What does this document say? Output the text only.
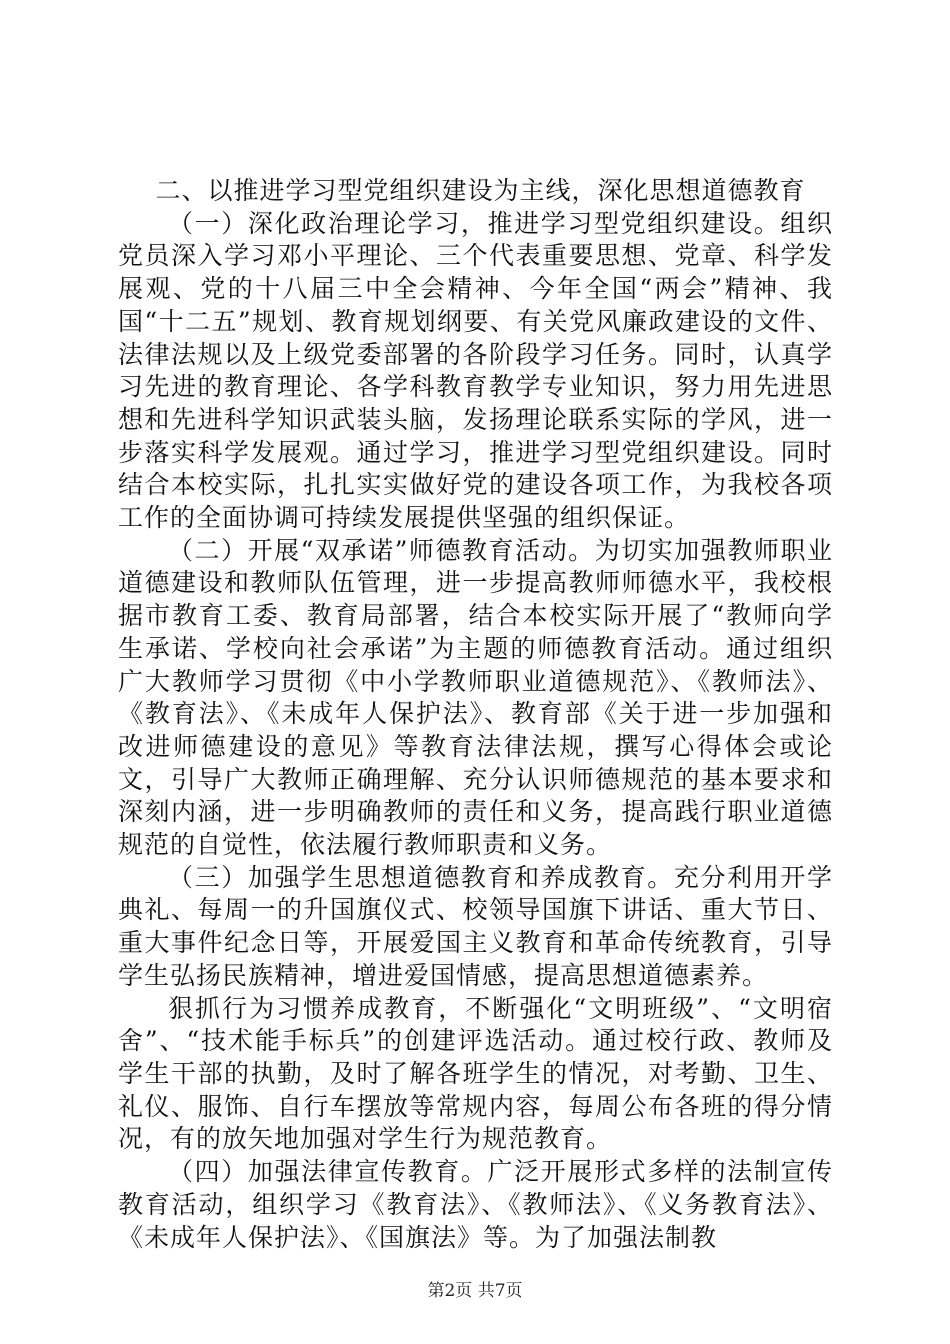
二、以推进学习型党组织建设为主线，深化思想道德教育

（一）深化政治理论学习，推进学习型党组织建设。组织党员深入学习邓小平理论、三个代表重要思想、党章、科学发展观、党的十八届三中全会精神、今年全国“两会”精神、我国“十二五”规划、教育规划纲要、有关党风廉政建设的文件、法律法规以及上级党委部署的各阶段学习任务。同时，认真学习先进的教育理论、各学科教育教学专业知识，努力用先进思想和先进科学知识武装头脑，发扬理论联系实际的学风，进一步落实科学发展观。通过学习，推进学习型党组织建设。同时结合本校实际，扎扎实实做好党的建设各项工作，为我校各项工作的全面协调可持续发展提供坚强的组织保证。

（二）开展“双承诺”师德教育活动。为切实加强教师职业道德建设和教师队伍管理，进一步提高教师师德水平，我校根据市教育工委、教育局部署，结合本校实际开展了“教师向学生承诺、学校向社会承诺”为主题的师德教育活动。通过组织广大教师学习贯彻《中小学教师职业道德规范》、《教师法》、《教育法》、《未成年人保护法》、教育部《关于进一步加强和改进师德建设的意见》等教育法律法规，撰写心得体会或论文，引导广大教师正确理解、充分认识师德规范的基本要求和深刻内涵，进一步明确教师的责任和义务，提高践行职业道德规范的自觉性，依法履行教师职责和义务。

（三）加强学生思想道德教育和养成教育。充分利用开学典礼、每周一的升国旗仪式、校领导国旗下讲话、重大节日、重大事件纪念日等，开展爱国主义教育和革命传统教育，引导学生弘扬民族精神，增进爱国情感，提高思想道德素养。

狠抓行为习惯养成教育，不断强化“文明班级”、“文明宿舍”、“技术能手标兵”的创建评选活动。通过校行政、教师及学生干部的执勤，及时了解各班学生的情况，对考勤、卫生、礼仪、服饰、自行车摆放等常规内容，每周公布各班的得分情况，有的放矢地加强对学生行为规范教育。

（四）加强法律宣传教育。广泛开展形式多样的法制宣传教育活动，组织学习《教育法》、《教师法》、《义务教育法》、《未成年人保护法》、《国旗法》等。为了加强法制教

第2页 共7页
